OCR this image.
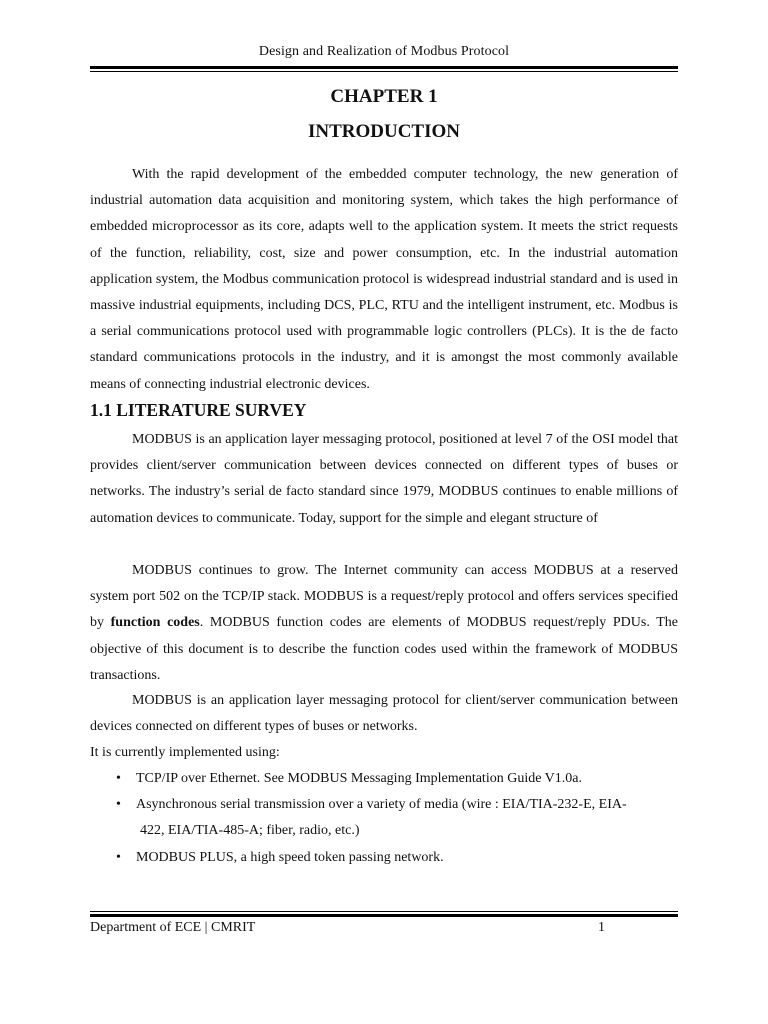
Design and Realization of Modbus Protocol
CHAPTER 1
INTRODUCTION
With the rapid development of the embedded computer technology, the new generation of industrial automation data acquisition and monitoring system, which takes the high performance of embedded microprocessor as its core, adapts well to the application system. It meets the strict requests of the function, reliability, cost, size and power consumption, etc. In the industrial automation application system, the Modbus communication protocol is widespread industrial standard and is used in massive industrial equipments, including DCS, PLC, RTU and the intelligent instrument, etc. Modbus is a serial communications protocol used with programmable logic controllers (PLCs). It is the de facto standard communications protocols in the industry, and it is amongst the most commonly available means of connecting industrial electronic devices.
1.1 LITERATURE SURVEY
MODBUS is an application layer messaging protocol, positioned at level 7 of the OSI model that provides client/server communication between devices connected on different types of buses or networks. The industry’s serial de facto standard since 1979, MODBUS continues to enable millions of automation devices to communicate. Today, support for the simple and elegant structure of
MODBUS continues to grow. The Internet community can access MODBUS at a reserved system port 502 on the TCP/IP stack. MODBUS is a request/reply protocol and offers services specified by function codes. MODBUS function codes are elements of MODBUS request/reply PDUs. The objective of this document is to describe the function codes used within the framework of MODBUS transactions.
MODBUS is an application layer messaging protocol for client/server communication between devices connected on different types of buses or networks.
It is currently implemented using:
• TCP/IP over Ethernet. See MODBUS Messaging Implementation Guide V1.0a.
• Asynchronous serial transmission over a variety of media (wire : EIA/TIA-232-E, EIA-
422, EIA/TIA-485-A; fiber, radio, etc.)
• MODBUS PLUS, a high speed token passing network.
Department of ECE | CMRIT	1
